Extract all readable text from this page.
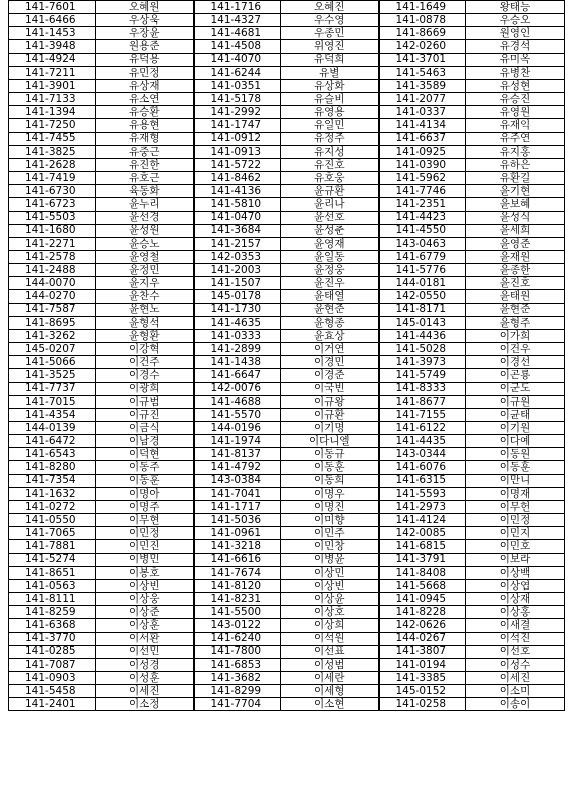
141-7601	오혜원	141-1716	오혜진	141-1649	왕태능
141-6466	우상욱	141-4327	우수영	141-0878	우승오
141-1453	우장윤	141-4681	우종민	141-8669	원영인
141-3948	원용준	141-4508	위영진	142-0260	유경석
141-4924	유덕용	141-4070	유덕희	141-3701	유미옥
141-7211	유민정	141-6244	유별	141-5463	유병찬
141-3901	유상재	141-0351	유상화	141-3589	유성현
141-7133	유소연	141-5178	유슬비	141-2077	유승진
141-1394	유승환	141-2992	유영용	141-0337	유영원
141-7250	유용현	141-1747	유일민	141-4134	유재익
141-7455	유재형	141-0912	유정주	141-6637	유주연
141-3825	유중근	141-0913	유지성	141-0925	유지홍
141-2628	유진한	141-5722	유진호	141-0390	유하은
141-7419	유호근	141-8462	유호웅	141-5962	유환길
141-6730	육동화	141-4136	윤규환	141-7746	윤기현
141-6723	윤누리	141-5810	윤리나	141-2351	윤보혜
141-5503	윤선경	141-0470	윤선호	141-4423	윤성식
141-1680	윤성원	141-3684	윤성춘	141-4550	윤세희
141-2271	윤승노	141-2157	윤영재	143-0463	윤영준
141-2578	윤영철	142-0353	윤일동	141-6779	윤재원
141-2488	윤정민	141-2003	윤정웅	141-5776	윤종한
144-0070	윤지우	141-1507	윤진우	144-0181	윤진호
144-0270	윤찬수	145-0178	윤태열	142-0550	윤태원
141-7587	윤현노	141-1730	윤현준	141-8171	윤현준
141-8695	윤형석	141-4635	윤형종	145-0143	윤형주
141-3262	윤형환	141-0333	윤효상	141-4436	이가희
145-0207	이강혁	141-2899	이거연	141-5028	이건우
141-5066	이건주	141-1438	이경민	141-3973	이경선
141-3525	이경수	141-6647	이경준	141-5749	이곤룡
141-7737	이광희	142-0076	이국빈	141-8333	이군도
141-7015	이규범	141-4688	이규왕	141-8677	이규원
141-4354	이규진	141-5570	이규환	141-7155	이균태
144-0139	이금식	144-0196	이기명	141-6122	이기원
141-6472	이남경	141-1974	이다니엘	141-4435	이다예
141-6543	이덕현	141-8137	이동규	143-0344	이동원
141-8280	이동주	141-4792	이동훈	141-6076	이동훈
141-7354	이동훈	143-0384	이동희	141-6315	이만니
141-1632	이명아	141-7041	이명우	141-5593	이명재
141-0272	이명주	141-1717	이명진	141-2973	이무헌
141-0550	이무현	141-5036	이미향	141-4124	이민정
141-7065	이민정	141-0961	이민주	142-0085	이민지
141-7881	이민진	141-3218	이민창	141-6815	이민호
141-5274	이병민	141-6616	이병윤	141-3791	이보라
141-8651	이봉호	141-7674	이상민	141-8408	이상백
141-0563	이상빈	141-8120	이상빈	141-5668	이상엽
141-8111	이상웅	141-8231	이상윤	141-0945	이상재
141-8259	이상준	141-5500	이상호	141-8228	이상홍
141-6368	이상훈	143-0122	이상희	142-0626	이새결
141-3770	이서환	141-6240	이석원	144-0267	이석진
141-0285	이선민	141-7800	이선표	141-3807	이선호
141-7087	이성경	141-6853	이성범	141-0194	이성수
141-0903	이성훈	141-3682	이세란	141-3385	이세진
141-5458	이세진	141-8299	이세형	145-0152	이소미
141-2401	이소정	141-7704	이소현	141-0258	이송이
